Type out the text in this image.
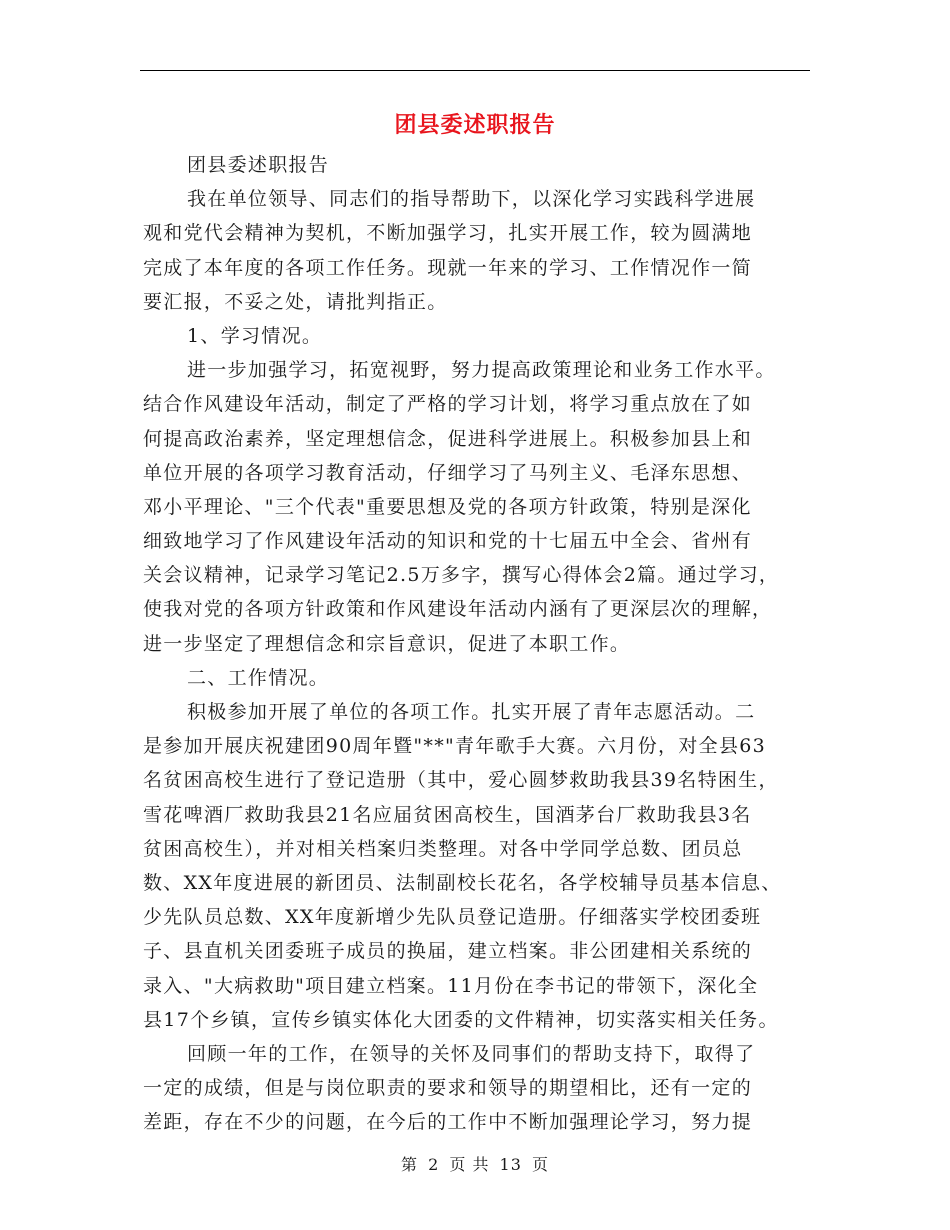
团县委述职报告
团县委述职报告
我在单位领导、同志们的指导帮助下，以深化学习实践科学进展
观和党代会精神为契机，不断加强学习，扎实开展工作，较为圆满地
完成了本年度的各项工作任务。现就一年来的学习、工作情况作一简
要汇报，不妥之处，请批判指正。
1、学习情况。
进一步加强学习，拓宽视野，努力提高政策理论和业务工作水平。
结合作风建设年活动，制定了严格的学习计划，将学习重点放在了如
何提高政治素养，坚定理想信念，促进科学进展上。积极参加县上和
单位开展的各项学习教育活动，仔细学习了马列主义、毛泽东思想、
邓小平理论、"三个代表"重要思想及党的各项方针政策，特别是深化
细致地学习了作风建设年活动的知识和党的十七届五中全会、省州有
关会议精神，记录学习笔记2.5万多字，撰写心得体会2篇。通过学习，
使我对党的各项方针政策和作风建设年活动内涵有了更深层次的理解，
进一步坚定了理想信念和宗旨意识，促进了本职工作。
二、工作情况。
积极参加开展了单位的各项工作。扎实开展了青年志愿活动。二
是参加开展庆祝建团90周年暨"**"青年歌手大赛。六月份，对全县63
名贫困高校生进行了登记造册（其中，爱心圆梦救助我县39名特困生，
雪花啤酒厂救助我县21名应届贫困高校生，国酒茅台厂救助我县3名
贫困高校生），并对相关档案归类整理。对各中学同学总数、团员总
数、XX年度进展的新团员、法制副校长花名，各学校辅导员基本信息、
少先队员总数、XX年度新增少先队员登记造册。仔细落实学校团委班
子、县直机关团委班子成员的换届，建立档案。非公团建相关系统的
录入、"大病救助"项目建立档案。11月份在李书记的带领下，深化全
县17个乡镇，宣传乡镇实体化大团委的文件精神，切实落实相关任务。
回顾一年的工作，在领导的关怀及同事们的帮助支持下，取得了
一定的成绩，但是与岗位职责的要求和领导的期望相比，还有一定的
差距，存在不少的问题，在今后的工作中不断加强理论学习，努力提
第 2 页 共 13 页
